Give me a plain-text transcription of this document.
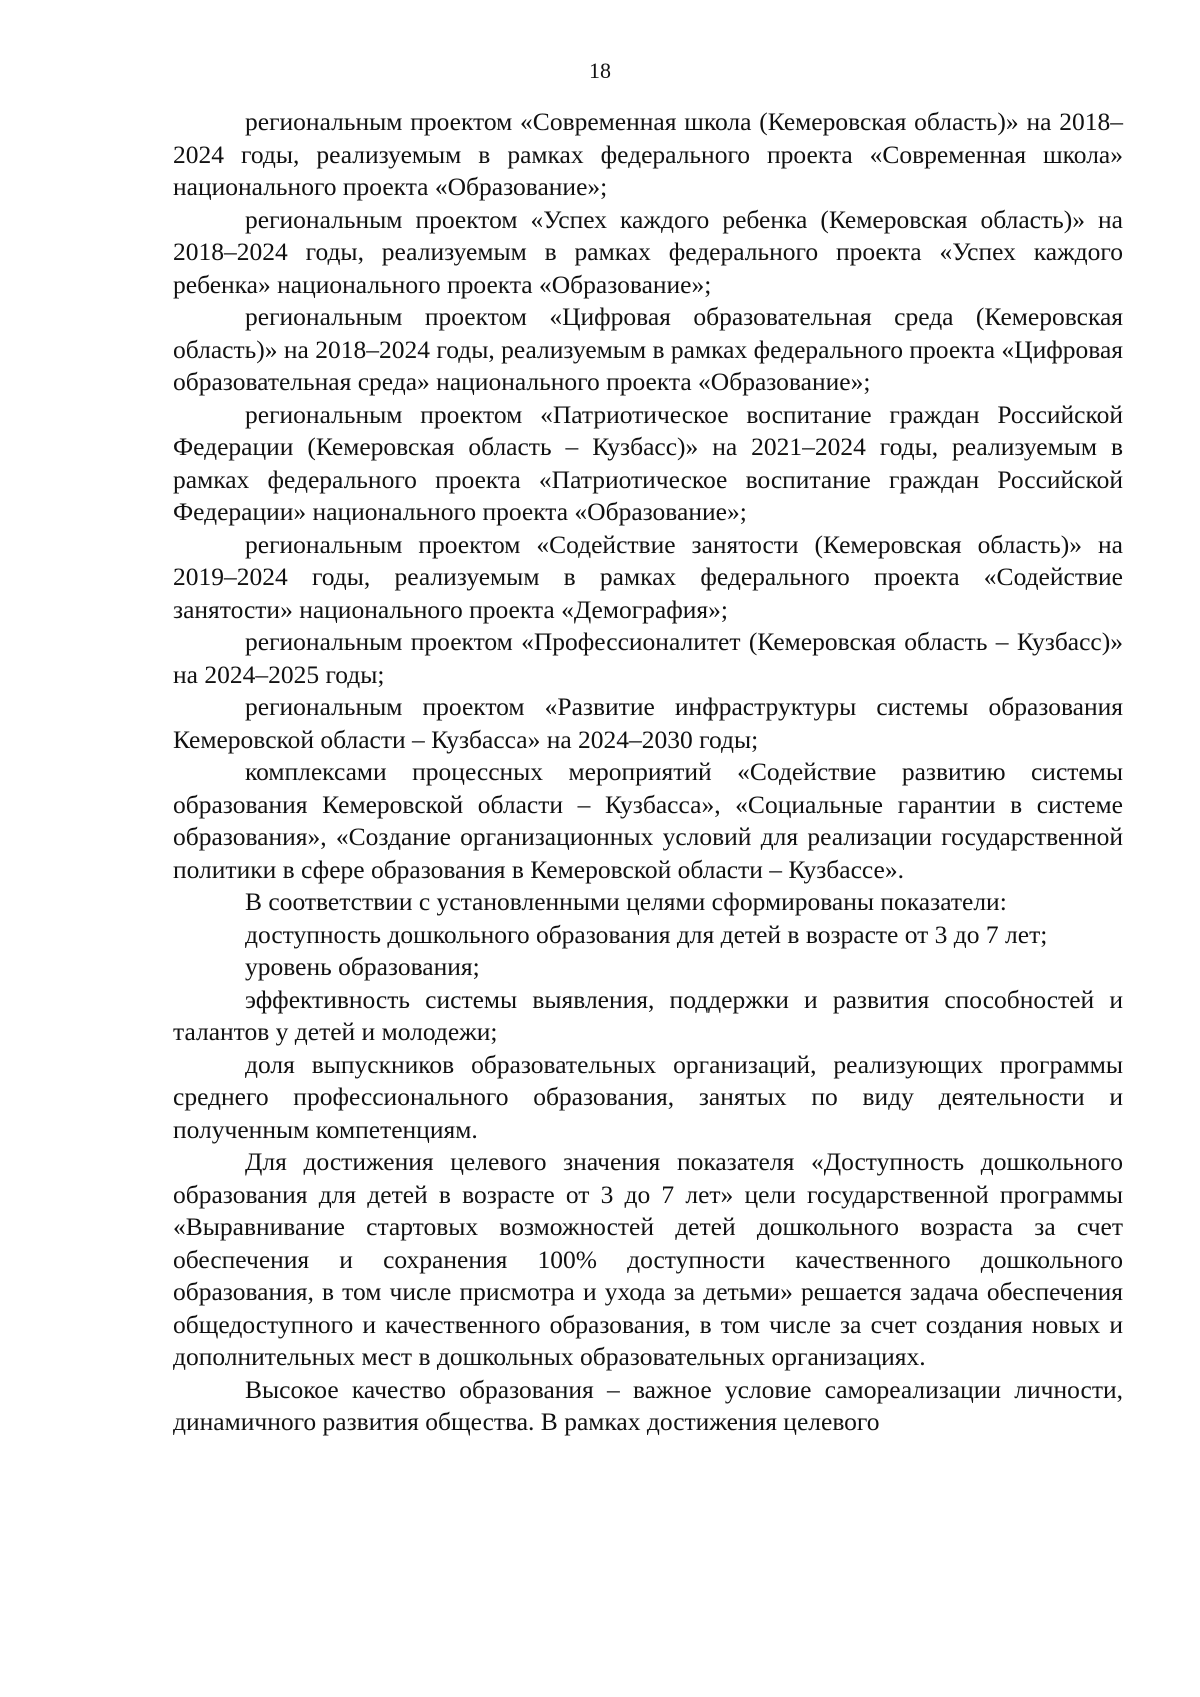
18

региональным проектом «Современная школа (Кемеровская область)» на 2018–2024 годы, реализуемым в рамках федерального проекта «Современная школа» национального проекта «Образование»;

региональным проектом «Успех каждого ребенка (Кемеровская область)» на 2018–2024 годы, реализуемым в рамках федерального проекта «Успех каждого ребенка» национального проекта «Образование»;

региональным проектом «Цифровая образовательная среда (Кемеровская область)» на 2018–2024 годы, реализуемым в рамках федерального проекта «Цифровая образовательная среда» национального проекта «Образование»;

региональным проектом «Патриотическое воспитание граждан Российской Федерации (Кемеровская область – Кузбасс)» на 2021–2024 годы, реализуемым в рамках федерального проекта «Патриотическое воспитание граждан Российской Федерации» национального проекта «Образование»;

региональным проектом «Содействие занятости (Кемеровская область)» на 2019–2024 годы, реализуемым в рамках федерального проекта «Содействие занятости» национального проекта «Демография»;

региональным проектом «Профессионалитет (Кемеровская область – Кузбасс)» на 2024–2025 годы;

региональным проектом «Развитие инфраструктуры системы образования Кемеровской области – Кузбасса» на 2024–2030 годы;

комплексами процессных мероприятий «Содействие развитию системы образования Кемеровской области – Кузбасса», «Социальные гарантии в системе образования», «Создание организационных условий для реализации государственной политики в сфере образования в Кемеровской области – Кузбассе».

В соответствии с установленными целями сформированы показатели:

доступность дошкольного образования для детей в возрасте от 3 до 7 лет;

уровень образования;

эффективность системы выявления, поддержки и развития способностей и талантов у детей и молодежи;

доля выпускников образовательных организаций, реализующих программы среднего профессионального образования, занятых по виду деятельности и полученным компетенциям.

Для достижения целевого значения показателя «Доступность дошкольного образования для детей в возрасте от 3 до 7 лет» цели государственной программы «Выравнивание стартовых возможностей детей дошкольного возраста за счет обеспечения и сохранения 100% доступности качественного дошкольного образования, в том числе присмотра и ухода за детьми» решается задача обеспечения общедоступного и качественного образования, в том числе за счет создания новых и дополнительных мест в дошкольных образовательных организациях.

Высокое качество образования – важное условие самореализации личности, динамичного развития общества. В рамках достижения целевого
